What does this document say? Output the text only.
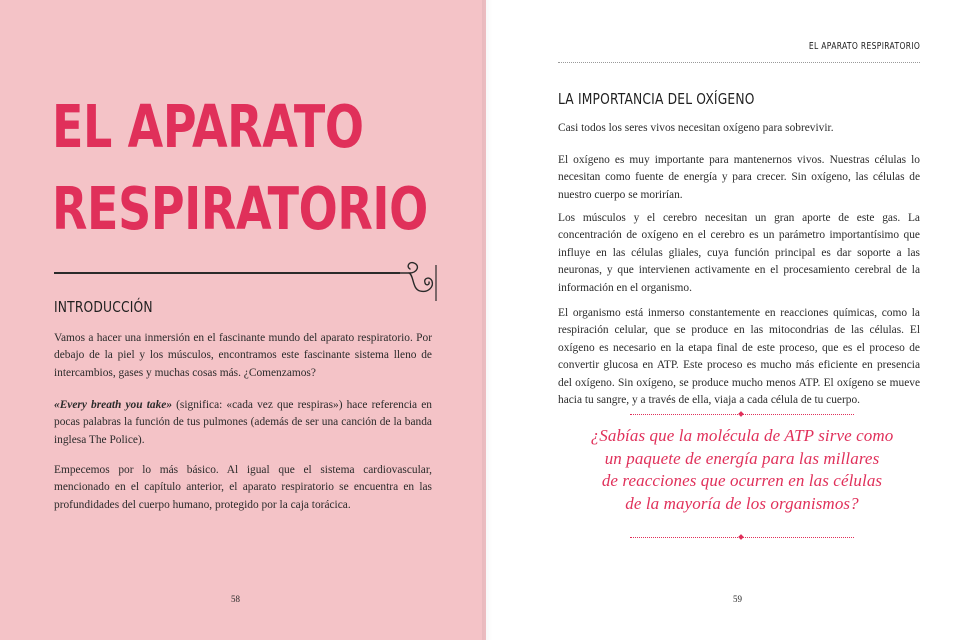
EL APARATO
RESPIRATORIO
INTRODUCCIÓN

Vamos a hacer una inmersión en el fascinante mundo del aparato respiratorio. Por debajo de la piel y los músculos, encontramos este fascinante sistema lleno de intercambios, gases y muchas cosas más. ¿Comenzamos?

«Every breath you take» (significa: «cada vez que respiras») hace referencia en pocas palabras la función de tus pulmones (además de ser una canción de la banda inglesa The Police).

Empecemos por lo más básico. Al igual que el sistema cardiovascular, mencionado en el capítulo anterior, el aparato respiratorio se encuentra en las profundidades del cuerpo humano, protegido por la caja torácica.

58
EL APARATO RESPIRATORIO
LA IMPORTANCIA DEL OXÍGENO

Casi todos los seres vivos necesitan oxígeno para sobrevivir.

El oxígeno es muy importante para mantenernos vivos. Nuestras células lo necesitan como fuente de energía y para crecer. Sin oxígeno, las células de nuestro cuerpo se morirían.

Los músculos y el cerebro necesitan un gran aporte de este gas. La concentración de oxígeno en el cerebro es un parámetro importantísimo que influye en las células gliales, cuya función principal es dar soporte a las neuronas, y que intervienen activamente en el procesamiento cerebral de la información en el organismo.

El organismo está inmerso constantemente en reacciones químicas, como la respiración celular, que se produce en las mitocondrias de las células. El oxígeno es necesario en la etapa final de este proceso, que es el proceso de convertir glucosa en ATP. Este proceso es mucho más eficiente en presencia del oxígeno. Sin oxígeno, se produce mucho menos ATP. El oxígeno se mueve hacia tu sangre, y a través de ella, viaja a cada célula de tu cuerpo.

¿Sabías que la molécula de ATP sirve como
un paquete de energía para las millares
de reacciones que ocurren en las células
de la mayoría de los organismos?

59
